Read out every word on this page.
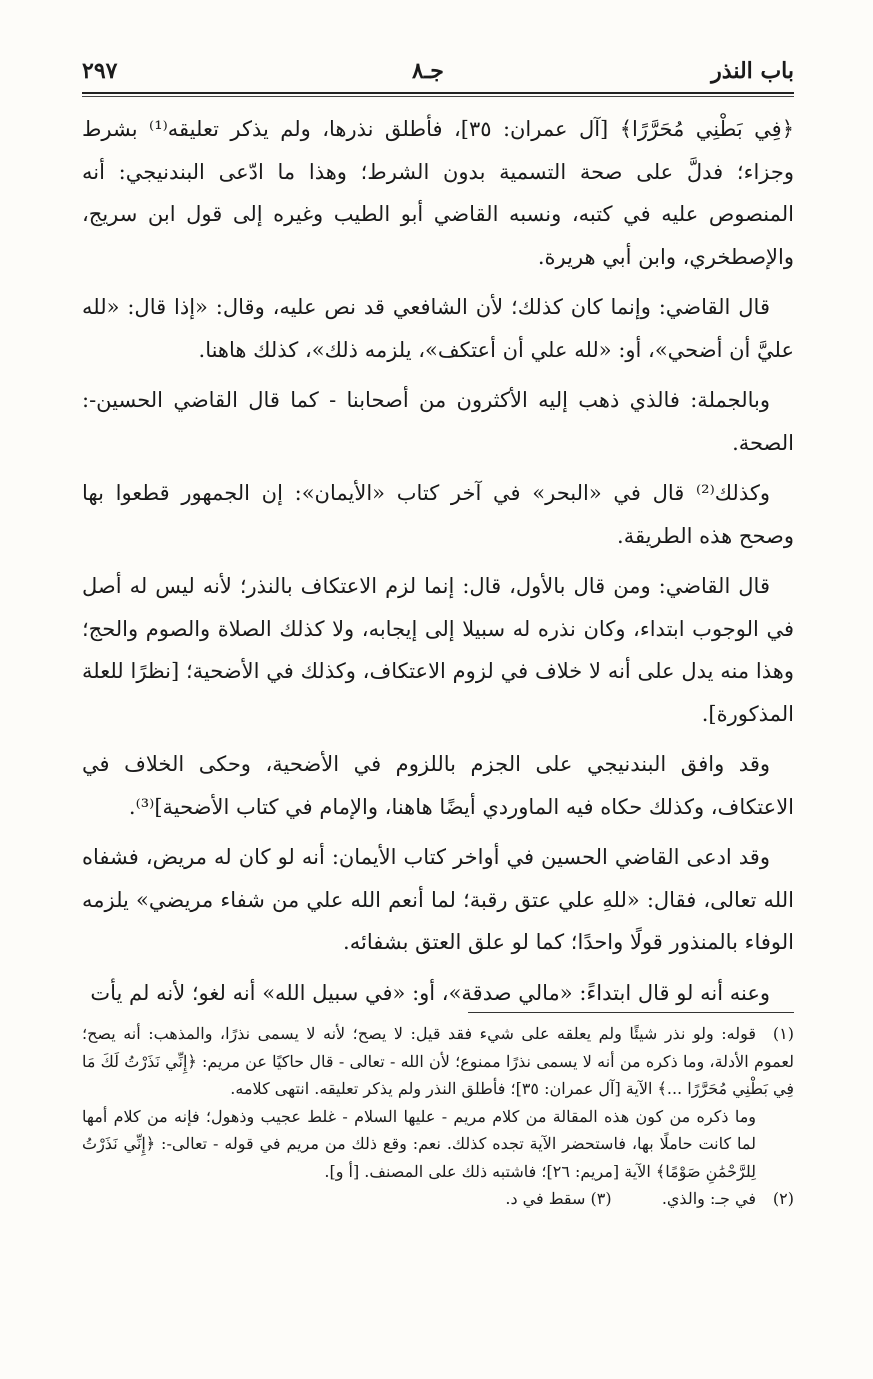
باب النذر
جـ٨
٢٩٧

﴿فِي بَطْنِي مُحَرَّرًا﴾ [آل عمران: ٣٥]، فأطلق نذرها، ولم يذكر تعليقه⁽¹⁾ بشرط وجزاء؛ فدلَّ على صحة التسمية بدون الشرط؛ وهذا ما ادّعى البندنيجي: أنه المنصوص عليه في كتبه، ونسبه القاضي أبو الطيب وغيره إلى قول ابن سريج، والإصطخري، وابن أبي هريرة.

قال القاضي: وإنما كان كذلك؛ لأن الشافعي قد نص عليه، وقال: «إذا قال: «لله عليَّ أن أضحي»، أو: «لله علي أن أعتكف»، يلزمه ذلك»، كذلك هاهنا.

وبالجملة: فالذي ذهب إليه الأكثرون من أصحابنا - كما قال القاضي الحسين-: الصحة.

وكذلك⁽²⁾ قال في «البحر» في آخر كتاب «الأيمان»: إن الجمهور قطعوا بها وصحح هذه الطريقة.

قال القاضي: ومن قال بالأول، قال: إنما لزم الاعتكاف بالنذر؛ لأنه ليس له أصل في الوجوب ابتداء، وكان نذره له سبيلا إلى إيجابه، ولا كذلك الصلاة والصوم والحج؛ وهذا منه يدل على أنه لا خلاف في لزوم الاعتكاف، وكذلك في الأضحية؛ [نظرًا للعلة المذكورة].

وقد وافق البندنيجي على الجزم باللزوم في الأضحية، وحكى الخلاف في الاعتكاف، وكذلك حكاه فيه الماوردي أيضًا هاهنا، والإمام في كتاب الأضحية]⁽³⁾.

وقد ادعى القاضي الحسين في أواخر كتاب الأيمان: أنه لو كان له مريض، فشفاه الله تعالى، فقال: «للهِ علي عتق رقبة؛ لما أنعم الله علي من شفاء مريضي» يلزمه الوفاء بالمنذور قولًا واحدًا؛ كما لو علق العتق بشفائه.

وعنه أنه لو قال ابتداءً: «مالي صدقة»، أو: «في سبيل الله» أنه لغو؛ لأنه لم يأت

(١)قوله: ولو نذر شيئًا ولم يعلقه على شيء فقد قيل: لا يصح؛ لأنه لا يسمى نذرًا، والمذهب: أنه يصح؛ لعموم الأدلة، وما ذكره من أنه لا يسمى نذرًا ممنوع؛ لأن الله - تعالى - قال حاكيًا عن مريم: ﴿إِنِّي نَذَرْتُ لَكَ مَا فِي بَطْنِي مُحَرَّرًا ...﴾ الآية [آل عمران: ٣٥]؛ فأطلق النذر ولم يذكر تعليقه. انتهى كلامه.

وما ذكره من كون هذه المقالة من كلام مريم - عليها السلام - غلط عجيب وذهول؛ فإنه من كلام أمها لما كانت حاملًا بها، فاستحضر الآية تجده كذلك. نعم: وقع ذلك من مريم في قوله - تعالى-: ﴿إِنِّي نَذَرْتُ لِلرَّحْمَٰنِ صَوْمًا﴾ الآية [مريم: ٢٦]؛ فاشتبه ذلك على المصنف. [أ و].

(٢)في جـ: والذي.  (٣) سقط في د.
